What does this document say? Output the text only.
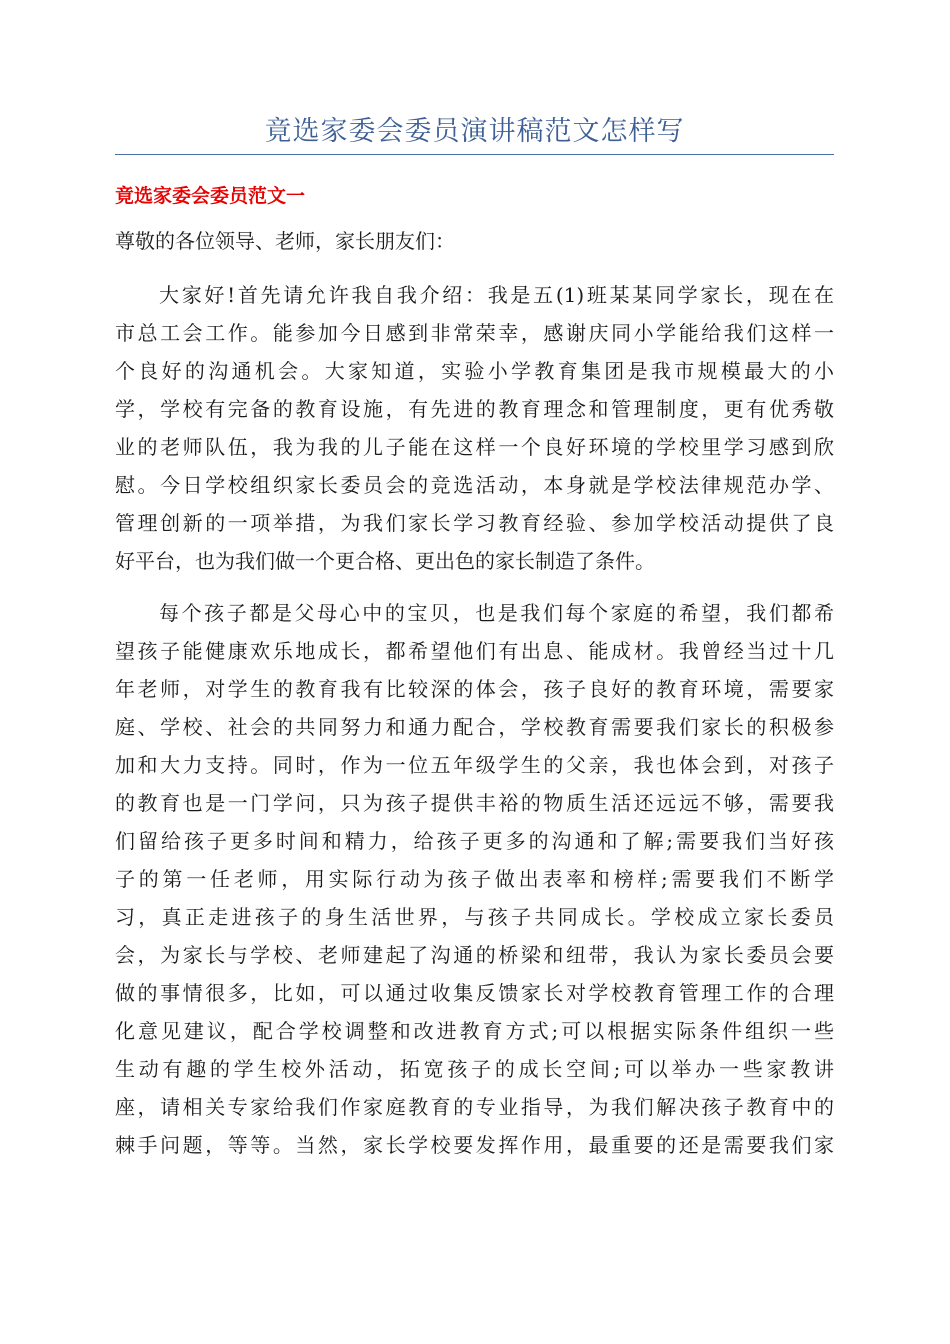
竟选家委会委员演讲稿范文怎样写
竟选家委会委员范文一

尊敬的各位领导、老师，家长朋友们：

大家好!首先请允许我自我介绍：我是五(1)班某某同学家长，现在在
市总工会工作。能参加今日感到非常荣幸，感谢庆同小学能给我们这样一
个良好的沟通机会。大家知道，实验小学教育集团是我市规模最大的小
学，学校有完备的教育设施，有先进的教育理念和管理制度，更有优秀敬
业的老师队伍，我为我的儿子能在这样一个良好环境的学校里学习感到欣
慰。今日学校组织家长委员会的竞选活动，本身就是学校法律规范办学、
管理创新的一项举措，为我们家长学习教育经验、参加学校活动提供了良
好平台，也为我们做一个更合格、更出色的家长制造了条件。
每个孩子都是父母心中的宝贝，也是我们每个家庭的希望，我们都希
望孩子能健康欢乐地成长，都希望他们有出息、能成材。我曾经当过十几
年老师，对学生的教育我有比较深的体会，孩子良好的教育环境，需要家
庭、学校、社会的共同努力和通力配合，学校教育需要我们家长的积极参
加和大力支持。同时，作为一位五年级学生的父亲，我也体会到，对孩子
的教育也是一门学问，只为孩子提供丰裕的物质生活还远远不够，需要我
们留给孩子更多时间和精力，给孩子更多的沟通和了解;需要我们当好孩
子的第一任老师，用实际行动为孩子做出表率和榜样;需要我们不断学
习，真正走进孩子的身生活世界，与孩子共同成长。学校成立家长委员
会，为家长与学校、老师建起了沟通的桥梁和纽带，我认为家长委员会要
做的事情很多，比如，可以通过收集反馈家长对学校教育管理工作的合理
化意见建议，配合学校调整和改进教育方式;可以根据实际条件组织一些
生动有趣的学生校外活动，拓宽孩子的成长空间;可以举办一些家教讲
座，请相关专家给我们作家庭教育的专业指导，为我们解决孩子教育中的
棘手问题，等等。当然，家长学校要发挥作用，最重要的还是需要我们家
